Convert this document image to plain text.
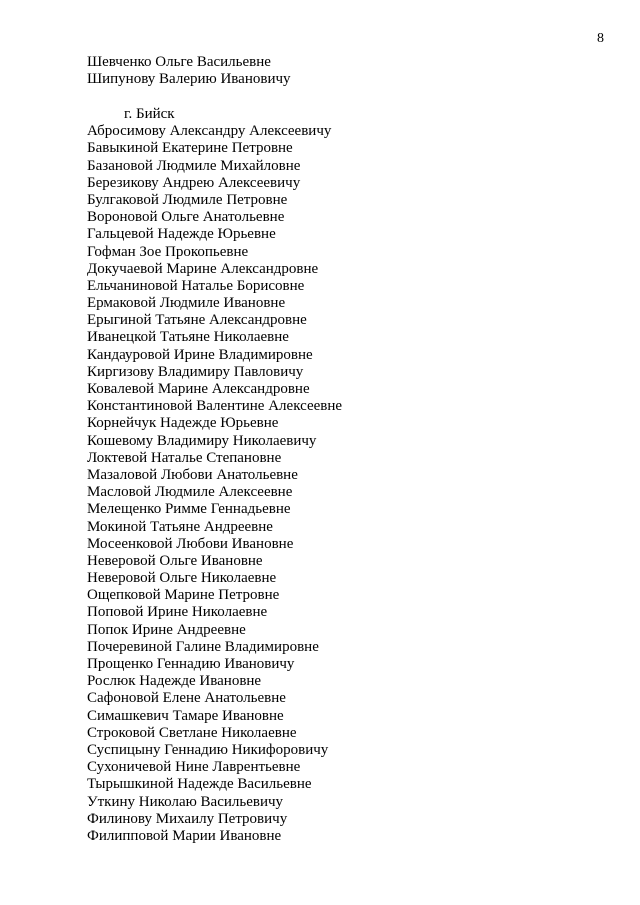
8
Шевченко Ольге Васильевне
Шипунову Валерию Ивановичу
г. Бийск
Абросимову Александру Алексеевичу
Бавыкиной Екатерине Петровне
Базановой Людмиле Михайловне
Березикову Андрею Алексеевичу
Булгаковой Людмиле Петровне
Вороновой Ольге Анатольевне
Гальцевой Надежде Юрьевне
Гофман Зое Прокопьевне
Докучаевой Марине Александровне
Ельчаниновой Наталье Борисовне
Ермаковой Людмиле Ивановне
Ерыгиной Татьяне Александровне
Иванецкой Татьяне Николаевне
Кандауровой Ирине Владимировне
Киргизову Владимиру Павловичу
Ковалевой Марине Александровне
Константиновой Валентине Алексеевне
Корнейчук Надежде Юрьевне
Кошевому Владимиру Николаевичу
Локтевой Наталье Степановне
Мазаловой Любови Анатольевне
Масловой Людмиле Алексеевне
Мелещенко Римме Геннадьевне
Мокиной Татьяне Андреевне
Мосеенковой Любови Ивановне
Неверовой Ольге Ивановне
Неверовой Ольге Николаевне
Ощепковой Марине Петровне
Поповой Ирине Николаевне
Попок Ирине Андреевне
Почеревиной Галине Владимировне
Прощенко Геннадию Ивановичу
Рослюк Надежде Ивановне
Сафоновой Елене Анатольевне
Симашкевич Тамаре Ивановне
Строковой Светлане Николаевне
Суспицыну Геннадию Никифоровичу
Сухоничевой Нине Лаврентьевне
Тырышкиной Надежде Васильевне
Уткину Николаю Васильевичу
Филинову Михаилу Петровичу
Филипповой Марии Ивановне
